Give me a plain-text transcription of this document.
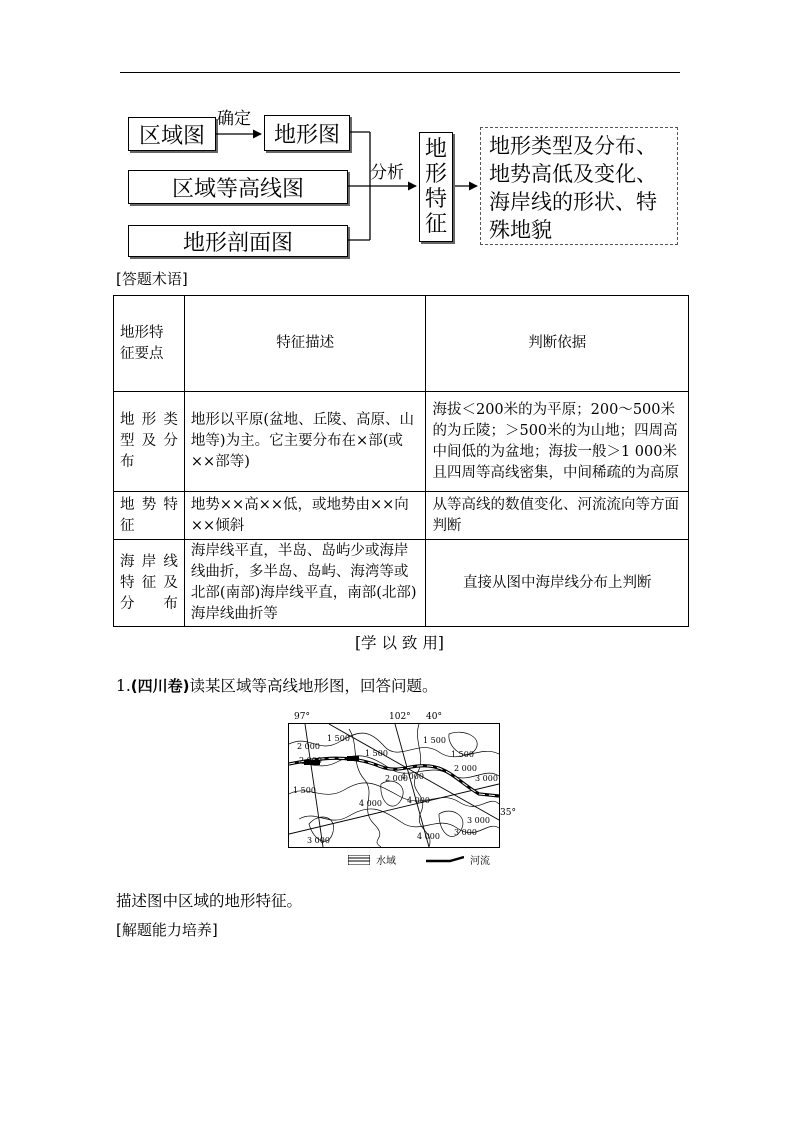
区域图
确定
地形图
区域等高线图
地形剖面图
分析
地
形
特
征
地形类型及分布、
地势高低及变化、
海岸线的形状、特
殊地貌
[答题术语]
地形特征要点	特征描述	判断依据
地形类型及分布	地形以平原(盆地、丘陵、高原、山地等)为主。它主要分布在×部(或××部等)	海拔＜200米的为平原；200～500米的为丘陵；＞500米的为山地；四周高中间低的为盆地；海拔一般＞1 000米且四周等高线密集，中间稀疏的为高原
地势特征	地势××高××低，或地势由××向××倾斜	从等高线的数值变化、河流流向等方面判断
海岸线特征及分布	海岸线平直，半岛、岛屿少或海岸线曲折，多半岛、岛屿、海湾等或北部(南部)海岸线平直，南部(北部)海岸线曲折等	直接从图中海岸线分布上判断
[学 以 致 用]
1.(四川卷)读某区域等高线地形图，回答问题。
97°	102° 40°
35°
2 000
1 500
1 500
1 500
1 500
2 000
2 000
2 000
3 000
4 000
4 000	4 000
3 000
3 000
4 000
1 500
3 000
水域	河流
描述图中区域的地形特征。
[解题能力培养]
